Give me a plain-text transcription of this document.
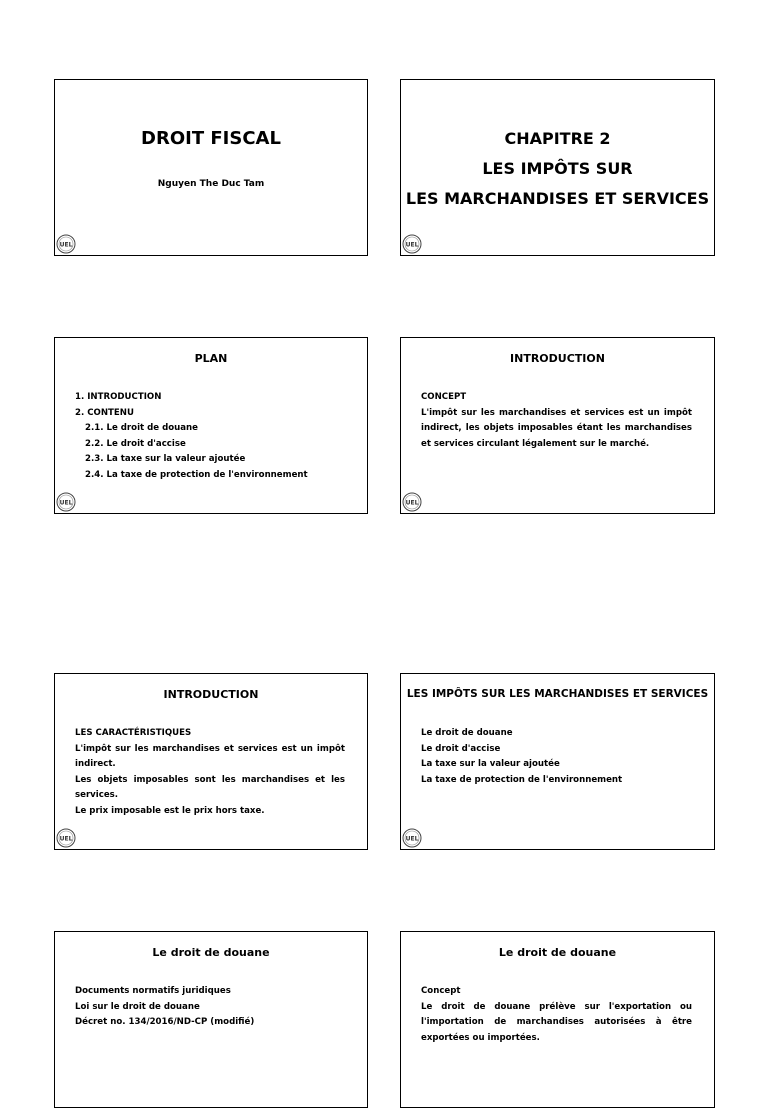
DROIT FISCAL
Nguyen The Duc Tam
UEL
CHAPITRE 2
LES IMPÔTS SUR
LES MARCHANDISES ET SERVICES
UEL
PLAN

1. INTRODUCTION

2. CONTENU

2.1. Le droit de douane

2.2. Le droit d'accise

2.3. La taxe sur la valeur ajoutée

2.4. La taxe de protection de l'environnement

UEL
INTRODUCTION

CONCEPT

L'impôt sur les marchandises et services est un impôt indirect, les objets imposables étant les marchandises et services circulant légalement sur le marché.

UEL
INTRODUCTION

LES CARACTÉRISTIQUES

L'impôt sur les marchandises et services est un impôt indirect.

Les objets imposables sont les marchandises et les services.

Le prix imposable est le prix hors taxe.

UEL
LES IMPÔTS SUR LES MARCHANDISES ET SERVICES

Le droit de douane

Le droit d'accise

La taxe sur la valeur ajoutée

La taxe de protection de l'environnement

UEL
Le droit de douane

Documents normatifs juridiques

Loi sur le droit de douane

Décret no. 134/2016/ND-CP (modifié)

Le droit de douane

Concept

Le droit de douane prélève sur l'exportation ou l'importation de marchandises autorisées à être exportées ou importées.
